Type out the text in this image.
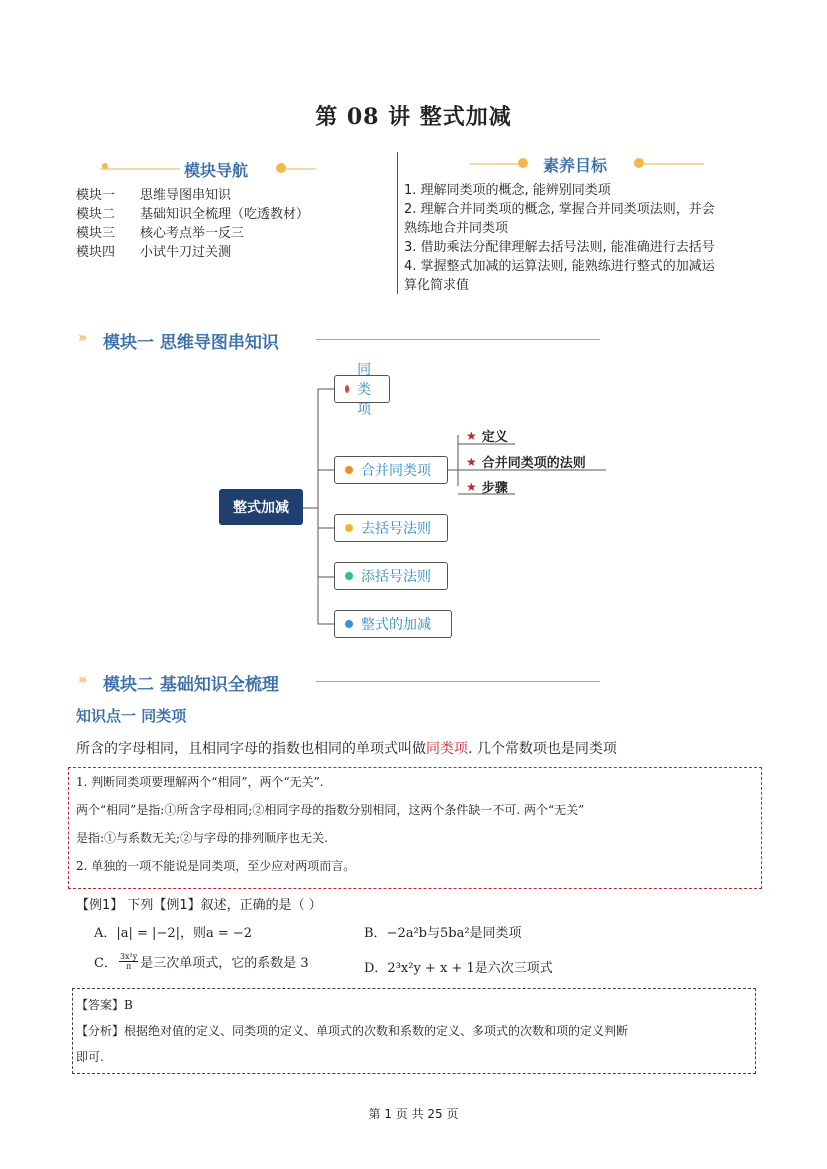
第 08 讲 整式加减
模块导航
模块一 思维导图串知识
模块二 基础知识全梳理（吃透教材）
模块三 核心考点举一反三
模块四 小试牛刀过关测
素养目标
1. 理解同类项的概念, 能辨别同类项
2. 理解合并同类项的概念, 掌握合并同类项法则，并会
熟练地合并同类项
3. 借助乘法分配律理解去括号法则, 能准确进行去括号
4. 掌握整式加减的运算法则, 能熟练进行整式的加减运
算化简求值
» 模块一 思维导图串知识
整式加减
同类项
合并同类项
去括号法则
添括号法则
整式的加减
★ 定义
★ 合并同类项的法则
★ 步骤
» 模块二 基础知识全梳理
知识点一 同类项
所含的字母相同，且相同字母的指数也相同的单项式叫做同类项. 几个常数项也是同类项
1. 判断同类项要理解两个“相同”，两个“无关”.
两个“相同”是指:①所含字母相同;②相同字母的指数分别相同，这两个条件缺一不可. 两个“无关”
是指:①与系数无关;②与字母的排列顺序也无关.
2. 单独的一项不能说是同类项，至少应对两项而言。
【例1】 下列【例1】叙述，正确的是（ ）
A．|a| = |−2|，则a = −2	B．−2a²b与5ba²是同类项
C． $\frac{\text{3x²y}}{\pi}$ 是三次单项式，它的系数是 3	D．2³x²y + x + 1是六次三项式
【答案】B
【分析】根据绝对值的定义、同类项的定义、单项式的次数和系数的定义、多项式的次数和项的定义判断
即可.
第 1 页 共 25 页
